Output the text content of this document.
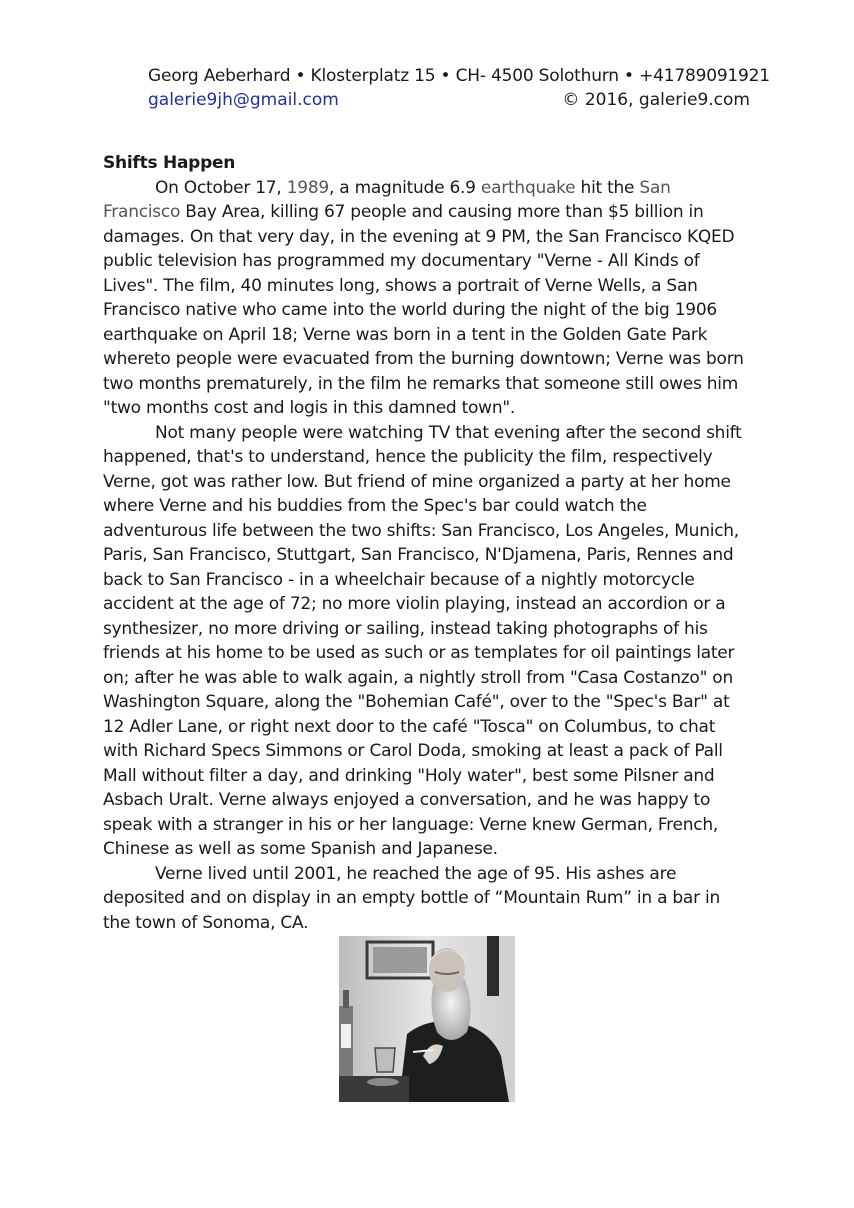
Georg Aeberhard • Klosterplatz 15 • CH- 4500 Solothurn • +41789091921
galerie9jh@gmail.com	© 2016, galerie9.com

Shifts Happen

On October 17, 1989, a magnitude 6.9 earthquake hit the San Francisco Bay Area, killing 67 people and causing more than $5 billion in damages. On that very day, in the evening at 9 PM, the San Francisco KQED public television has programmed my documentary "Verne - All Kinds of Lives". The film, 40 minutes long, shows a portrait of Verne Wells, a San Francisco native who came into the world during the night of the big 1906 earthquake on April 18; Verne was born in a tent in the Golden Gate Park whereto people were evacuated from the burning downtown; Verne was born two months prematurely, in the film he remarks that someone still owes him "two months cost and logis in this damned town".

Not many people were watching TV that evening after the second shift happened, that's to understand, hence the publicity the film, respectively Verne, got was rather low. But friend of mine organized a party at her home where Verne and his buddies from the Spec's bar could watch the adventurous life between the two shifts: San Francisco, Los Angeles, Munich, Paris, San Francisco, Stuttgart, San Francisco, N'Djamena, Paris, Rennes and back to San Francisco - in a wheelchair because of a nightly motorcycle accident at the age of 72; no more violin playing, instead an accordion or a synthesizer, no more driving or sailing, instead taking photographs of his friends at his home to be used as such or as templates for oil paintings later on; after he was able to walk again, a nightly stroll from "Casa Costanzo" on Washington Square, along the "Bohemian Café", over to the "Spec's Bar" at 12 Adler Lane, or right next door to the café "Tosca" on Columbus, to chat with Richard Specs Simmons or Carol Doda, smoking at least a pack of Pall Mall without filter a day, and drinking "Holy water", best some Pilsner and Asbach Uralt. Verne always enjoyed a conversation, and he was happy to speak with a stranger in his or her language: Verne knew German, French, Chinese as well as some Spanish and Japanese.

Verne lived until 2001, he reached the age of 95. His ashes are deposited and on display in an empty bottle of “Mountain Rum” in a bar in the town of Sonoma, CA.
